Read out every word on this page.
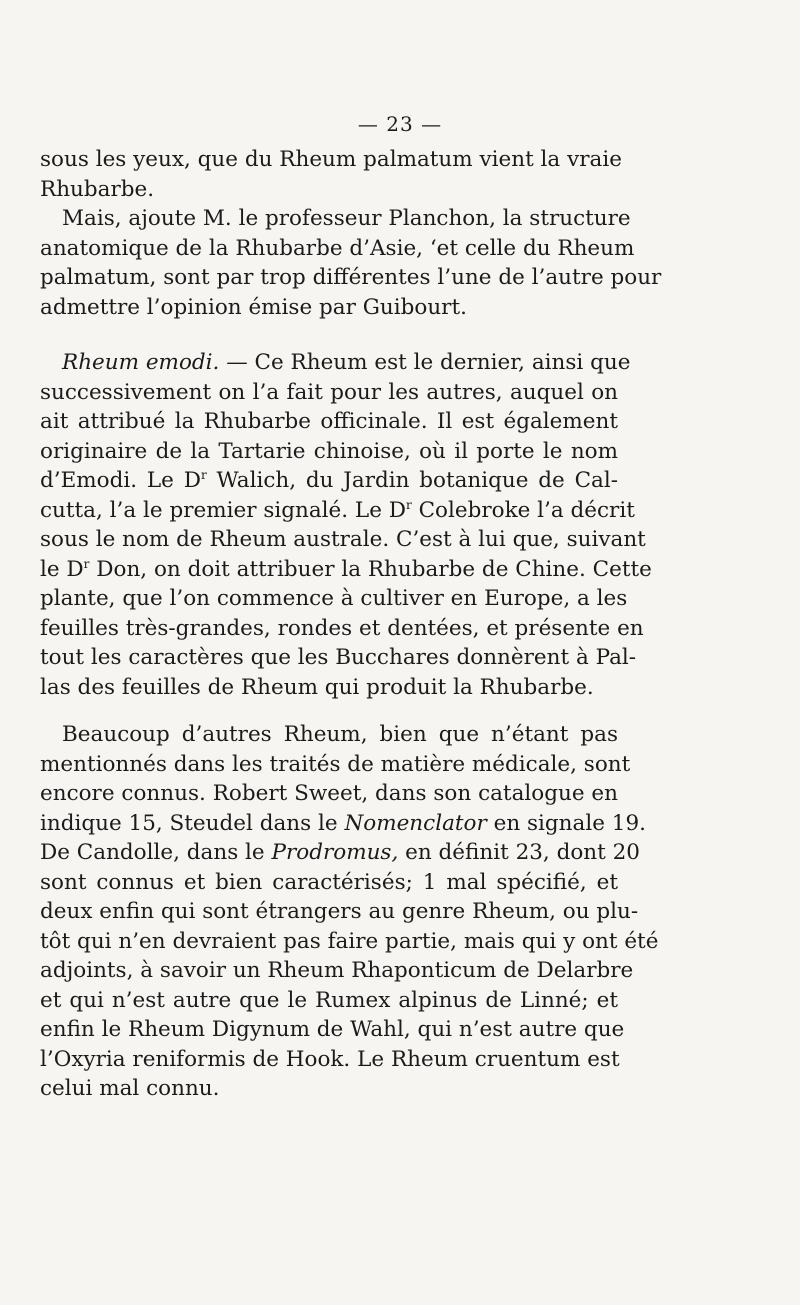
— 23 —
sous les yeux, que du Rheum palmatum vient la vraie
Rhubarbe.
Mais, ajoute M. le professeur Planchon, la structure
anatomique de la Rhubarbe d’Asie, ‘et celle du Rheum
palmatum, sont par trop différentes l’une de l’autre pour
admettre l’opinion émise par Guibourt.
Rheum emodi. — Ce Rheum est le dernier, ainsi que
successivement on l’a fait pour les autres, auquel on
ait attribué la Rhubarbe officinale. Il est également
originaire de la Tartarie chinoise, où il porte le nom
d’Emodi. Le $D^r$ Walich, du Jardin botanique de Cal-
cutta, l’a le premier signalé. Le $D^r$ Colebroke l’a décrit
sous le nom de Rheum australe. C’est à lui que, suivant
le $D^r$ Don, on doit attribuer la Rhubarbe de Chine. Cette
plante, que l’on commence à cultiver en Europe, a les
feuilles très-grandes, rondes et dentées, et présente en
tout les caractères que les Bucchares donnèrent à Pal-
las des feuilles de Rheum qui produit la Rhubarbe.
Beaucoup d’autres Rheum, bien que n’étant pas
mentionnés dans les traités de matière médicale, sont
encore connus. Robert Sweet, dans son catalogue en
indique 15, Steudel dans le Nomenclator en signale 19.
De Candolle, dans le Prodromus, en définit 23, dont 20
sont connus et bien caractérisés; 1 mal spécifié, et
deux enfin qui sont étrangers au genre Rheum, ou plu-
tôt qui n’en devraient pas faire partie, mais qui y ont été
adjoints, à savoir un Rheum Rhaponticum de Delarbre
et qui n’est autre que le Rumex alpinus de Linné; et
enfin le Rheum Digynum de Wahl, qui n’est autre que
l’Oxyria reniformis de Hook. Le Rheum cruentum est
celui mal connu.
